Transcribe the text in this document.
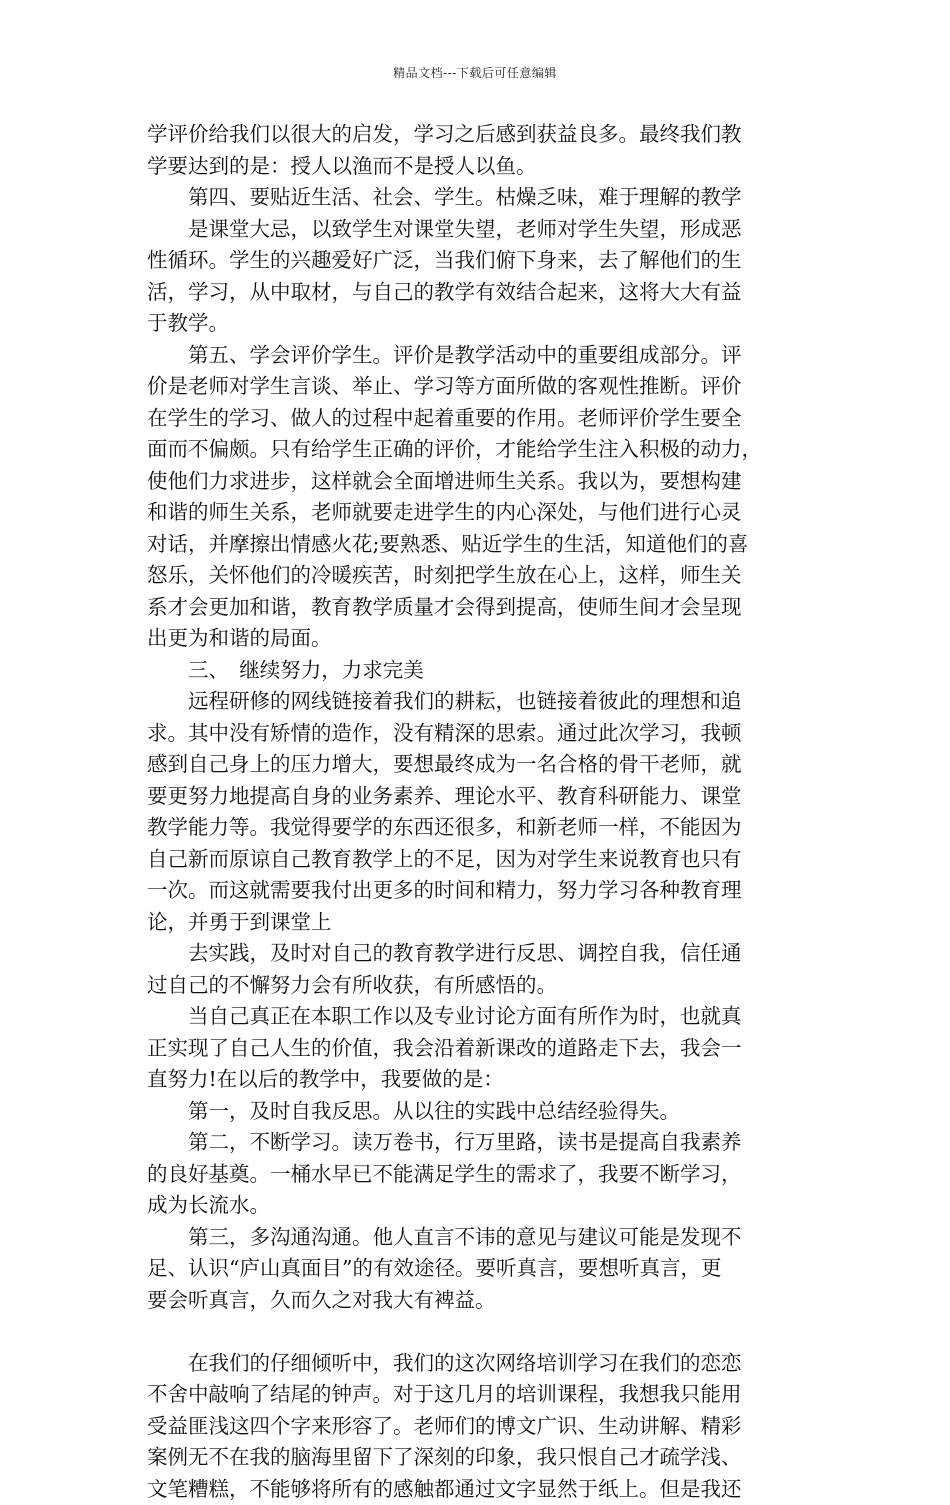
精品文档---下载后可任意编辑
学评价给我们以很大的启发，学习之后感到获益良多。最终我们教
学要达到的是：授人以渔而不是授人以鱼。
　　第四、要贴近生活、社会、学生。枯燥乏味，难于理解的教学
　　是课堂大忌，以致学生对课堂失望，老师对学生失望，形成恶
性循环。学生的兴趣爱好广泛，当我们俯下身来，去了解他们的生
活，学习，从中取材，与自己的教学有效结合起来，这将大大有益
于教学。
　　第五、学会评价学生。评价是教学活动中的重要组成部分。评
价是老师对学生言谈、举止、学习等方面所做的客观性推断。评价
在学生的学习、做人的过程中起着重要的作用。老师评价学生要全
面而不偏颇。只有给学生正确的评价，才能给学生注入积极的动力，
使他们力求进步，这样就会全面增进师生关系。我以为，要想构建
和谐的师生关系，老师就要走进学生的内心深处，与他们进行心灵
对话，并摩擦出情感火花;要熟悉、贴近学生的生活，知道他们的喜
怒乐，关怀他们的冷暖疾苦，时刻把学生放在心上，这样，师生关
系才会更加和谐，教育教学质量才会得到提高，使师生间才会呈现
出更为和谐的局面。
　　三、　继续努力，力求完美
　　远程研修的网线链接着我们的耕耘，也链接着彼此的理想和追
求。其中没有矫情的造作，没有精深的思索。通过此次学习，我顿
感到自己身上的压力增大，要想最终成为一名合格的骨干老师，就
要更努力地提高自身的业务素养、理论水平、教育科研能力、课堂
教学能力等。我觉得要学的东西还很多，和新老师一样，不能因为
自己新而原谅自己教育教学上的不足，因为对学生来说教育也只有
一次。而这就需要我付出更多的时间和精力，努力学习各种教育理
论，并勇于到课堂上
　　去实践，及时对自己的教育教学进行反思、调控自我，信任通
过自己的不懈努力会有所收获，有所感悟的。
　　当自己真正在本职工作以及专业讨论方面有所作为时，也就真
正实现了自己人生的价值，我会沿着新课改的道路走下去，我会一
直努力!在以后的教学中，我要做的是：
　　第一，及时自我反思。从以往的实践中总结经验得失。
　　第二，不断学习。读万卷书，行万里路，读书是提高自我素养
的良好基奠。一桶水早已不能满足学生的需求了，我要不断学习，
成为长流水。
　　第三，多沟通沟通。他人直言不讳的意见与建议可能是发现不
足、认识“庐山真面目”的有效途径。要听真言，要想听真言，更
要会听真言，久而久之对我大有裨益。
　　在我们的仔细倾听中，我们的这次网络培训学习在我们的恋恋
不舍中敲响了结尾的钟声。对于这几月的培训课程，我想我只能用
受益匪浅这四个字来形容了。老师们的博文广识、生动讲解、精彩
案例无不在我的脑海里留下了深刻的印象，我只恨自己才疏学浅、
文笔糟糕，不能够将所有的感触都通过文字显然于纸上。但是我还
